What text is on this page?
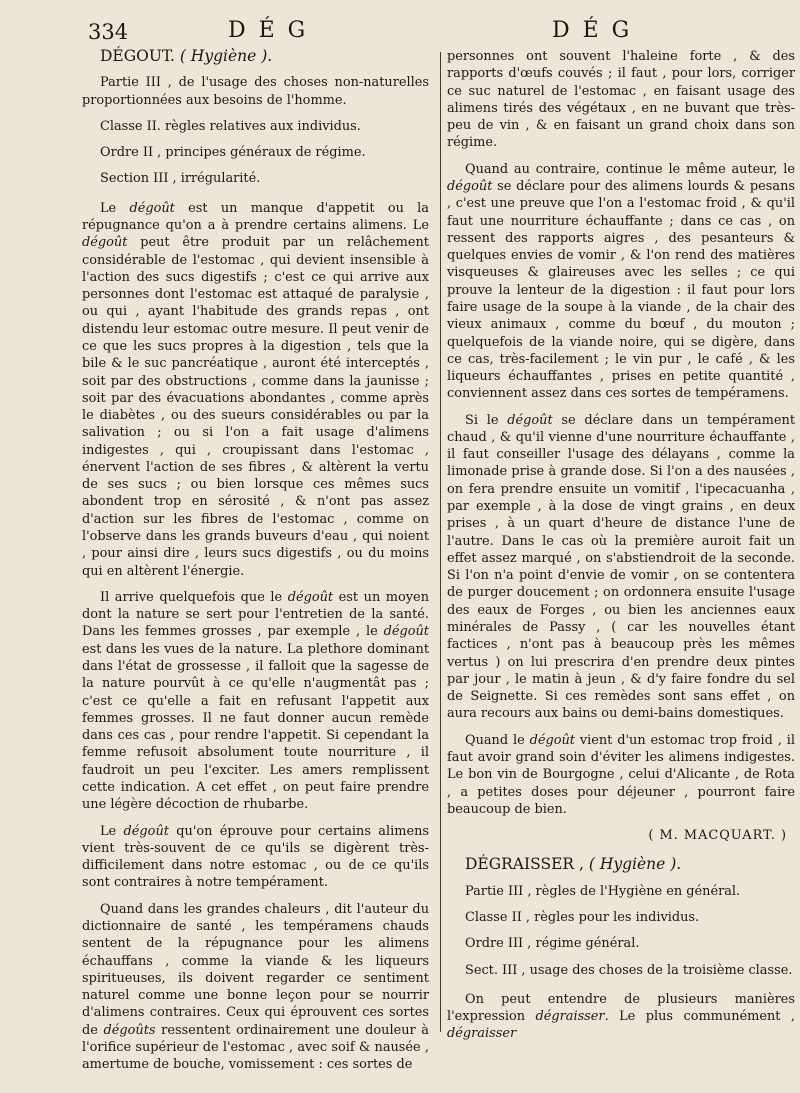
334	D É G	D É G

DÉGOUT. ( Hygiène ).

Partie III , de l'usage des choses non-naturelles proportionnées aux besoins de l'homme.

Classe II. règles relatives aux individus.

Ordre II , principes généraux de régime.

Section III , irrégularité.

Le dégoût est un manque d'appetit ou la répugnance qu'on a à prendre certains alimens. Le dégoût peut être produit par un relâchement considérable de l'estomac , qui devient insensible à l'action des sucs digestifs ; c'est ce qui arrive aux personnes dont l'estomac est attaqué de paralysie , ou qui , ayant l'habitude des grands repas , ont distendu leur estomac outre mesure. Il peut venir de ce que les sucs propres à la digestion , tels que la bile & le suc pancréatique , auront été interceptés , soit par des obstructions , comme dans la jaunisse ; soit par des évacuations abondantes , comme après le diabètes , ou des sueurs considérables ou par la salivation ; ou si l'on a fait usage d'alimens indigestes , qui , croupissant dans l'estomac , énervent l'action de ses fibres , & altèrent la vertu de ses sucs ; ou bien lorsque ces mêmes sucs abondent trop en sérosité , & n'ont pas assez d'action sur les fibres de l'estomac , comme on l'observe dans les grands buveurs d'eau , qui noient , pour ainsi dire , leurs sucs digestifs , ou du moins qui en altèrent l'énergie.

Il arrive quelquefois que le dégoût est un moyen dont la nature se sert pour l'entretien de la santé. Dans les femmes grosses , par exemple , le dégoût est dans les vues de la nature. La plethore dominant dans l'état de grossesse , il falloit que la sagesse de la nature pourvût à ce qu'elle n'augmentât pas ; c'est ce qu'elle a fait en refusant l'appetit aux femmes grosses. Il ne faut donner aucun remède dans ces cas , pour rendre l'appetit. Si cependant la femme refusoit absolument toute nourriture , il faudroit un peu l'exciter. Les amers remplissent cette indication. A cet effet , on peut faire prendre une légère décoction de rhubarbe.

Le dégoût qu'on éprouve pour certains alimens vient très-souvent de ce qu'ils se digèrent très-difficilement dans notre estomac , ou de ce qu'ils sont contraires à notre tempérament.

Quand dans les grandes chaleurs , dit l'auteur du dictionnaire de santé , les tempéramens chauds sentent de la répugnance pour les alimens échauffans , comme la viande & les liqueurs spiritueuses, ils doivent regarder ce sentiment naturel comme une bonne leçon pour se nourrir d'alimens contraires. Ceux qui éprouvent ces sortes de dégoûts ressentent ordinairement une douleur à l'orifice supérieur de l'estomac , avec soif & nausée , amertume de bouche, vomissement : ces sortes de

personnes ont souvent l'haleine forte , & des rapports d'œufs couvés ; il faut , pour lors, corriger ce suc naturel de l'estomac , en faisant usage des alimens tirés des végétaux , en ne buvant que très-peu de vin , & en faisant un grand choix dans son régime.

Quand au contraire, continue le même auteur, le dégoût se déclare pour des alimens lourds & pesans , c'est une preuve que l'on a l'estomac froid , & qu'il faut une nourriture échauffante ; dans ce cas , on ressent des rapports aigres , des pesanteurs & quelques envies de vomir , & l'on rend des matières visqueuses & glaireuses avec les selles ; ce qui prouve la lenteur de la digestion : il faut pour lors faire usage de la soupe à la viande , de la chair des vieux animaux , comme du bœuf , du mouton ; quelquefois de la viande noire, qui se digère, dans ce cas, très-facilement ; le vin pur , le café , & les liqueurs échauffantes , prises en petite quantité , conviennent assez dans ces sortes de tempéramens.

Si le dégoût se déclare dans un tempérament chaud , & qu'il vienne d'une nourriture échauffante , il faut conseiller l'usage des délayans , comme la limonade prise à grande dose. Si l'on a des nausées , on fera prendre ensuite un vomitif , l'ipecacuanha , par exemple , à la dose de vingt grains , en deux prises , à un quart d'heure de distance l'une de l'autre. Dans le cas où la première auroit fait un effet assez marqué , on s'abstiendroit de la seconde. Si l'on n'a point d'envie de vomir , on se contentera de purger doucement ; on ordonnera ensuite l'usage des eaux de Forges , ou bien les anciennes eaux minérales de Passy , ( car les nouvelles étant factices , n'ont pas à beaucoup près les mêmes vertus ) on lui prescrira d'en prendre deux pintes par jour , le matin à jeun , & d'y faire fondre du sel de Seignette. Si ces remèdes sont sans effet , on aura recours aux bains ou demi-bains domestiques.

Quand le dégoût vient d'un estomac trop froid , il faut avoir grand soin d'éviter les alimens indigestes. Le bon vin de Bourgogne , celui d'Alicante , de Rota , a petites doses pour déjeuner , pourront faire beaucoup de bien.

( M. MACQUART. )

DÉGRAISSER , ( Hygiène ).

Partie III , règles de l'Hygiène en général.

Classe II , règles pour les individus.

Ordre III , régime général.

Sect. III , usage des choses de la troisième classe.

On peut entendre de plusieurs manières l'expression dégraisser. Le plus communément , dégraisser
